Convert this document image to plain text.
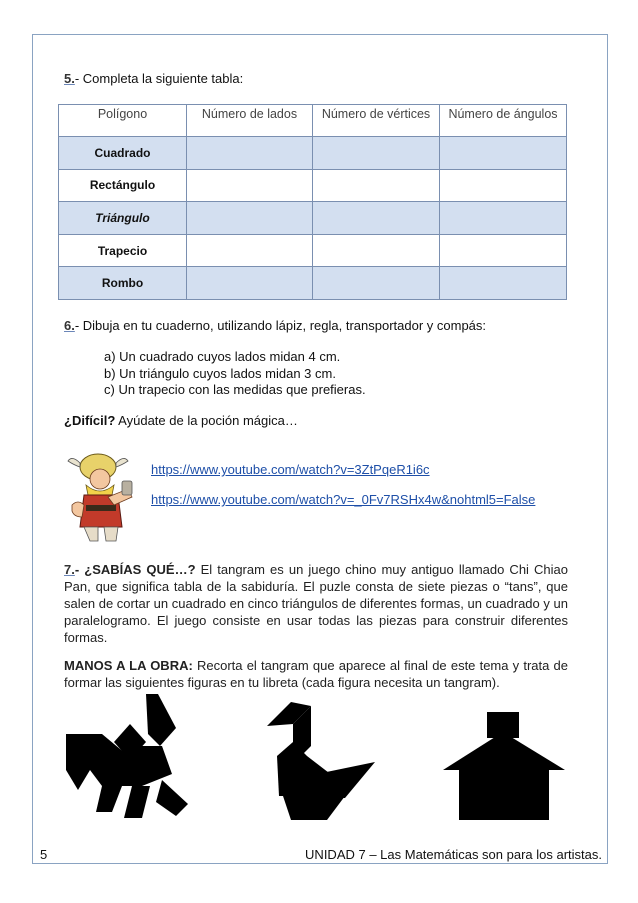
5.- Completa la siguiente tabla:
Polígono	Número de lados	Número de vértices	Número de ángulos
Cuadrado			
Rectángulo			
Triángulo			
Trapecio			
Rombo			
6.- Dibuja en tu cuaderno, utilizando lápiz, regla, transportador y compás:
a) Un cuadrado cuyos lados midan 4 cm.
b) Un triángulo cuyos lados midan 3 cm.
c) Un trapecio con las medidas que prefieras.
¿Difícil? Ayúdate de la poción mágica…
https://www.youtube.com/watch?v=3ZtPqeR1i6c
https://www.youtube.com/watch?v=_0Fv7RSHx4w&nohtml5=False
7.- ¿SABÍAS QUÉ…? El tangram es un juego chino muy antiguo llamado Chi Chiao Pan, que significa tabla de la sabiduría. El puzle consta de siete piezas o “tans”, que salen de cortar un cuadrado en cinco triángulos de diferentes formas, un cuadrado y un paralelogramo. El juego consiste en usar todas las piezas para construir diferentes formas.
MANOS A LA OBRA: Recorta el tangram que aparece al final de este tema y trata de formar las siguientes figuras en tu libreta (cada figura necesita un tangram).
5	UNIDAD 7 – Las Matemáticas son para los artistas.
